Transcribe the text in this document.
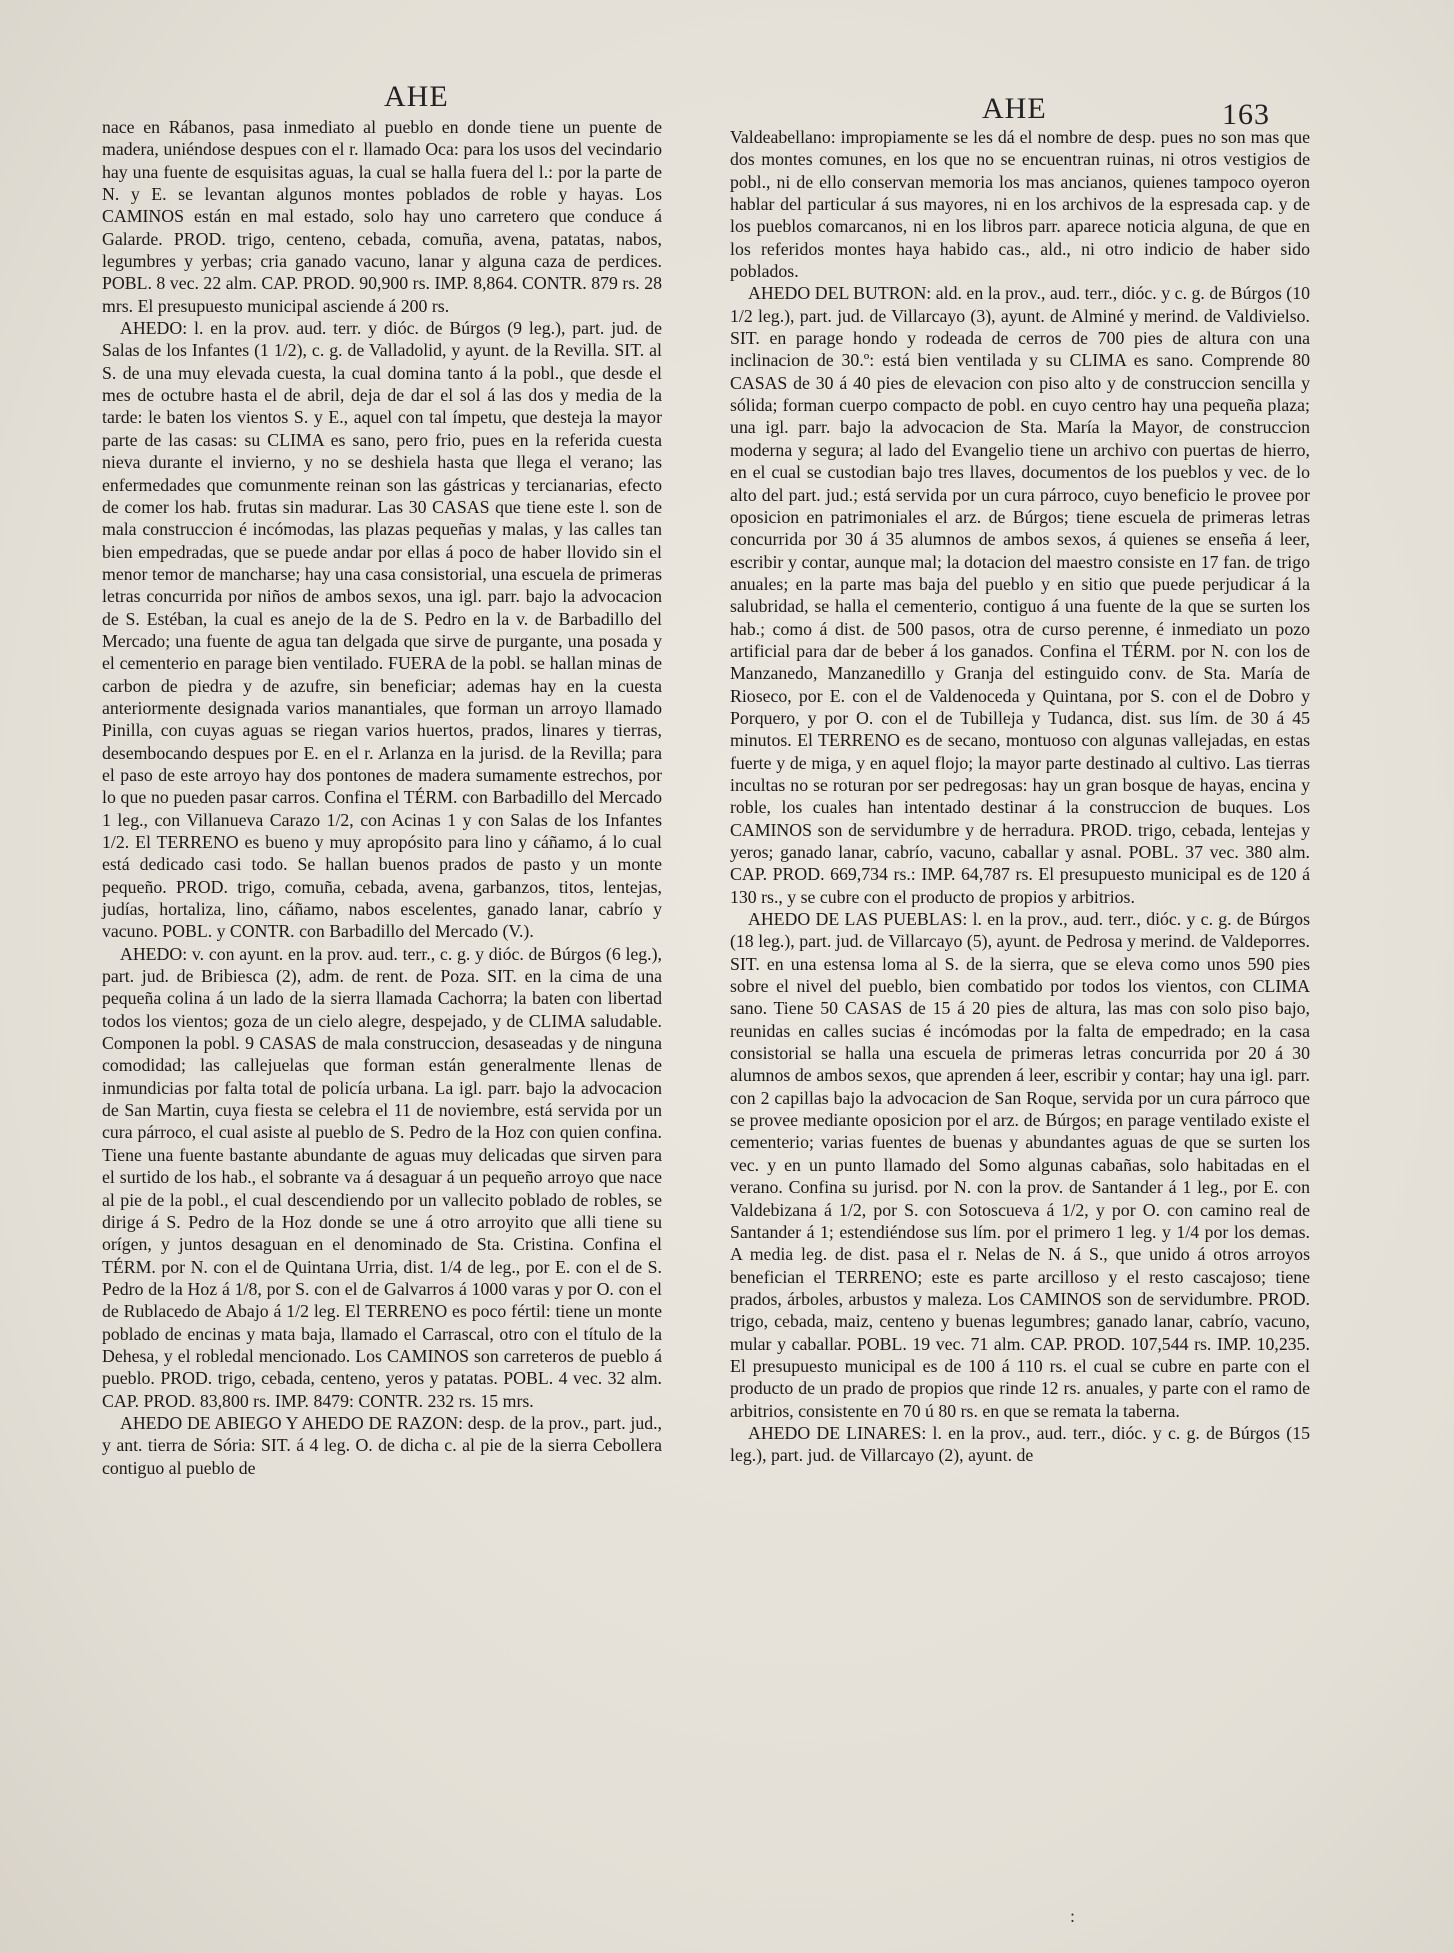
AHE	AHE	163

nace en Rábanos, pasa inmediato al pueblo en donde tiene un puente de madera, uniéndose despues con el r. llamado Oca: para los usos del vecindario hay una fuente de esquisitas aguas, la cual se halla fuera del l.: por la parte de N. y E. se levantan algunos montes poblados de roble y hayas. Los CAMINOS están en mal estado, solo hay uno carretero que conduce á Galarde. PROD. trigo, centeno, cebada, comuña, avena, patatas, nabos, legumbres y yerbas; cria ganado vacuno, lanar y alguna caza de perdices. POBL. 8 vec. 22 alm. CAP. PROD. 90,900 rs. IMP. 8,864. CONTR. 879 rs. 28 mrs. El presupuesto municipal asciende á 200 rs.

AHEDO: l. en la prov. aud. terr. y dióc. de Búrgos (9 leg.), part. jud. de Salas de los Infantes (1 1/2), c. g. de Valladolid, y ayunt. de la Revilla. SIT. al S. de una muy elevada cuesta, la cual domina tanto á la pobl., que desde el mes de octubre hasta el de abril, deja de dar el sol á las dos y media de la tarde: le baten los vientos S. y E., aquel con tal ímpetu, que desteja la mayor parte de las casas: su CLIMA es sano, pero frio, pues en la referida cuesta nieva durante el invierno, y no se deshiela hasta que llega el verano; las enfermedades que comunmente reinan son las gástricas y tercianarias, efecto de comer los hab. frutas sin madurar. Las 30 CASAS que tiene este l. son de mala construccion é incómodas, las plazas pequeñas y malas, y las calles tan bien empedradas, que se puede andar por ellas á poco de haber llovido sin el menor temor de mancharse; hay una casa consistorial, una escuela de primeras letras concurrida por niños de ambos sexos, una igl. parr. bajo la advocacion de S. Estéban, la cual es anejo de la de S. Pedro en la v. de Barbadillo del Mercado; una fuente de agua tan delgada que sirve de purgante, una posada y el cementerio en parage bien ventilado. FUERA de la pobl. se hallan minas de carbon de piedra y de azufre, sin beneficiar; ademas hay en la cuesta anteriormente designada varios manantiales, que forman un arroyo llamado Pinilla, con cuyas aguas se riegan varios huertos, prados, linares y tierras, desembocando despues por E. en el r. Arlanza en la jurisd. de la Revilla; para el paso de este arroyo hay dos pontones de madera sumamente estrechos, por lo que no pueden pasar carros. Confina el TÉRM. con Barbadillo del Mercado 1 leg., con Villanueva Carazo 1/2, con Acinas 1 y con Salas de los Infantes 1/2. El TERRENO es bueno y muy apropósito para lino y cáñamo, á lo cual está dedicado casi todo. Se hallan buenos prados de pasto y un monte pequeño. PROD. trigo, comuña, cebada, avena, garbanzos, titos, lentejas, judías, hortaliza, lino, cáñamo, nabos escelentes, ganado lanar, cabrío y vacuno. POBL. y CONTR. con Barbadillo del Mercado (V.).

AHEDO: v. con ayunt. en la prov. aud. terr., c. g. y dióc. de Búrgos (6 leg.), part. jud. de Bribiesca (2), adm. de rent. de Poza. SIT. en la cima de una pequeña colina á un lado de la sierra llamada Cachorra; la baten con libertad todos los vientos; goza de un cielo alegre, despejado, y de CLIMA saludable. Componen la pobl. 9 CASAS de mala construccion, desaseadas y de ninguna comodidad; las callejuelas que forman están generalmente llenas de inmundicias por falta total de policía urbana. La igl. parr. bajo la advocacion de San Martin, cuya fiesta se celebra el 11 de noviembre, está servida por un cura párroco, el cual asiste al pueblo de S. Pedro de la Hoz con quien confina. Tiene una fuente bastante abundante de aguas muy delicadas que sirven para el surtido de los hab., el sobrante va á desaguar á un pequeño arroyo que nace al pie de la pobl., el cual descendiendo por un vallecito poblado de robles, se dirige á S. Pedro de la Hoz donde se une á otro arroyito que alli tiene su orígen, y juntos desaguan en el denominado de Sta. Cristina. Confina el TÉRM. por N. con el de Quintana Urria, dist. 1/4 de leg., por E. con el de S. Pedro de la Hoz á 1/8, por S. con el de Galvarros á 1000 varas y por O. con el de Rublacedo de Abajo á 1/2 leg. El TERRENO es poco fértil: tiene un monte poblado de encinas y mata baja, llamado el Carrascal, otro con el título de la Dehesa, y el robledal mencionado. Los CAMINOS son carreteros de pueblo á pueblo. PROD. trigo, cebada, centeno, yeros y patatas. POBL. 4 vec. 32 alm. CAP. PROD. 83,800 rs. IMP. 8479: CONTR. 232 rs. 15 mrs.

AHEDO DE ABIEGO Y AHEDO DE RAZON: desp. de la prov., part. jud., y ant. tierra de Sória: SIT. á 4 leg. O. de dicha c. al pie de la sierra Cebollera contiguo al pueblo de

Valdeabellano: impropiamente se les dá el nombre de desp. pues no son mas que dos montes comunes, en los que no se encuentran ruinas, ni otros vestigios de pobl., ni de ello conservan memoria los mas ancianos, quienes tampoco oyeron hablar del particular á sus mayores, ni en los archivos de la espresada cap. y de los pueblos comarcanos, ni en los libros parr. aparece noticia alguna, de que en los referidos montes haya habido cas., ald., ni otro indicio de haber sido poblados.

AHEDO DEL BUTRON: ald. en la prov., aud. terr., dióc. y c. g. de Búrgos (10 1/2 leg.), part. jud. de Villarcayo (3), ayunt. de Alminé y merind. de Valdivielso. SIT. en parage hondo y rodeada de cerros de 700 pies de altura con una inclinacion de 30.º: está bien ventilada y su CLIMA es sano. Comprende 80 CASAS de 30 á 40 pies de elevacion con piso alto y de construccion sencilla y sólida; forman cuerpo compacto de pobl. en cuyo centro hay una pequeña plaza; una igl. parr. bajo la advocacion de Sta. María la Mayor, de construccion moderna y segura; al lado del Evangelio tiene un archivo con puertas de hierro, en el cual se custodian bajo tres llaves, documentos de los pueblos y vec. de lo alto del part. jud.; está servida por un cura párroco, cuyo beneficio le provee por oposicion en patrimoniales el arz. de Búrgos; tiene escuela de primeras letras concurrida por 30 á 35 alumnos de ambos sexos, á quienes se enseña á leer, escribir y contar, aunque mal; la dotacion del maestro consiste en 17 fan. de trigo anuales; en la parte mas baja del pueblo y en sitio que puede perjudicar á la salubridad, se halla el cementerio, contiguo á una fuente de la que se surten los hab.; como á dist. de 500 pasos, otra de curso perenne, é inmediato un pozo artificial para dar de beber á los ganados. Confina el TÉRM. por N. con los de Manzanedo, Manzanedillo y Granja del estinguido conv. de Sta. María de Rioseco, por E. con el de Valdenoceda y Quintana, por S. con el de Dobro y Porquero, y por O. con el de Tubilleja y Tudanca, dist. sus lím. de 30 á 45 minutos. El TERRENO es de secano, montuoso con algunas vallejadas, en estas fuerte y de miga, y en aquel flojo; la mayor parte destinado al cultivo. Las tierras incultas no se roturan por ser pedregosas: hay un gran bosque de hayas, encina y roble, los cuales han intentado destinar á la construccion de buques. Los CAMINOS son de servidumbre y de herradura. PROD. trigo, cebada, lentejas y yeros; ganado lanar, cabrío, vacuno, caballar y asnal. POBL. 37 vec. 380 alm. CAP. PROD. 669,734 rs.: IMP. 64,787 rs. El presupuesto municipal es de 120 á 130 rs., y se cubre con el producto de propios y arbitrios.

AHEDO DE LAS PUEBLAS: l. en la prov., aud. terr., dióc. y c. g. de Búrgos (18 leg.), part. jud. de Villarcayo (5), ayunt. de Pedrosa y merind. de Valdeporres. SIT. en una estensa loma al S. de la sierra, que se eleva como unos 590 pies sobre el nivel del pueblo, bien combatido por todos los vientos, con CLIMA sano. Tiene 50 CASAS de 15 á 20 pies de altura, las mas con solo piso bajo, reunidas en calles sucias é incómodas por la falta de empedrado; en la casa consistorial se halla una escuela de primeras letras concurrida por 20 á 30 alumnos de ambos sexos, que aprenden á leer, escribir y contar; hay una igl. parr. con 2 capillas bajo la advocacion de San Roque, servida por un cura párroco que se provee mediante oposicion por el arz. de Búrgos; en parage ventilado existe el cementerio; varias fuentes de buenas y abundantes aguas de que se surten los vec. y en un punto llamado del Somo algunas cabañas, solo habitadas en el verano. Confina su jurisd. por N. con la prov. de Santander á 1 leg., por E. con Valdebizana á 1/2, por S. con Sotoscueva á 1/2, y por O. con camino real de Santander á 1; estendiéndose sus lím. por el primero 1 leg. y 1/4 por los demas. A media leg. de dist. pasa el r. Nelas de N. á S., que unido á otros arroyos benefician el TERRENO; este es parte arcilloso y el resto cascajoso; tiene prados, árboles, arbustos y maleza. Los CAMINOS son de servidumbre. PROD. trigo, cebada, maiz, centeno y buenas legumbres; ganado lanar, cabrío, vacuno, mular y caballar. POBL. 19 vec. 71 alm. CAP. PROD. 107,544 rs. IMP. 10,235. El presupuesto municipal es de 100 á 110 rs. el cual se cubre en parte con el producto de un prado de propios que rinde 12 rs. anuales, y parte con el ramo de arbitrios, consistente en 70 ú 80 rs. en que se remata la taberna.

AHEDO DE LINARES: l. en la prov., aud. terr., dióc. y c. g. de Búrgos (15 leg.), part. jud. de Villarcayo (2), ayunt. de

:
